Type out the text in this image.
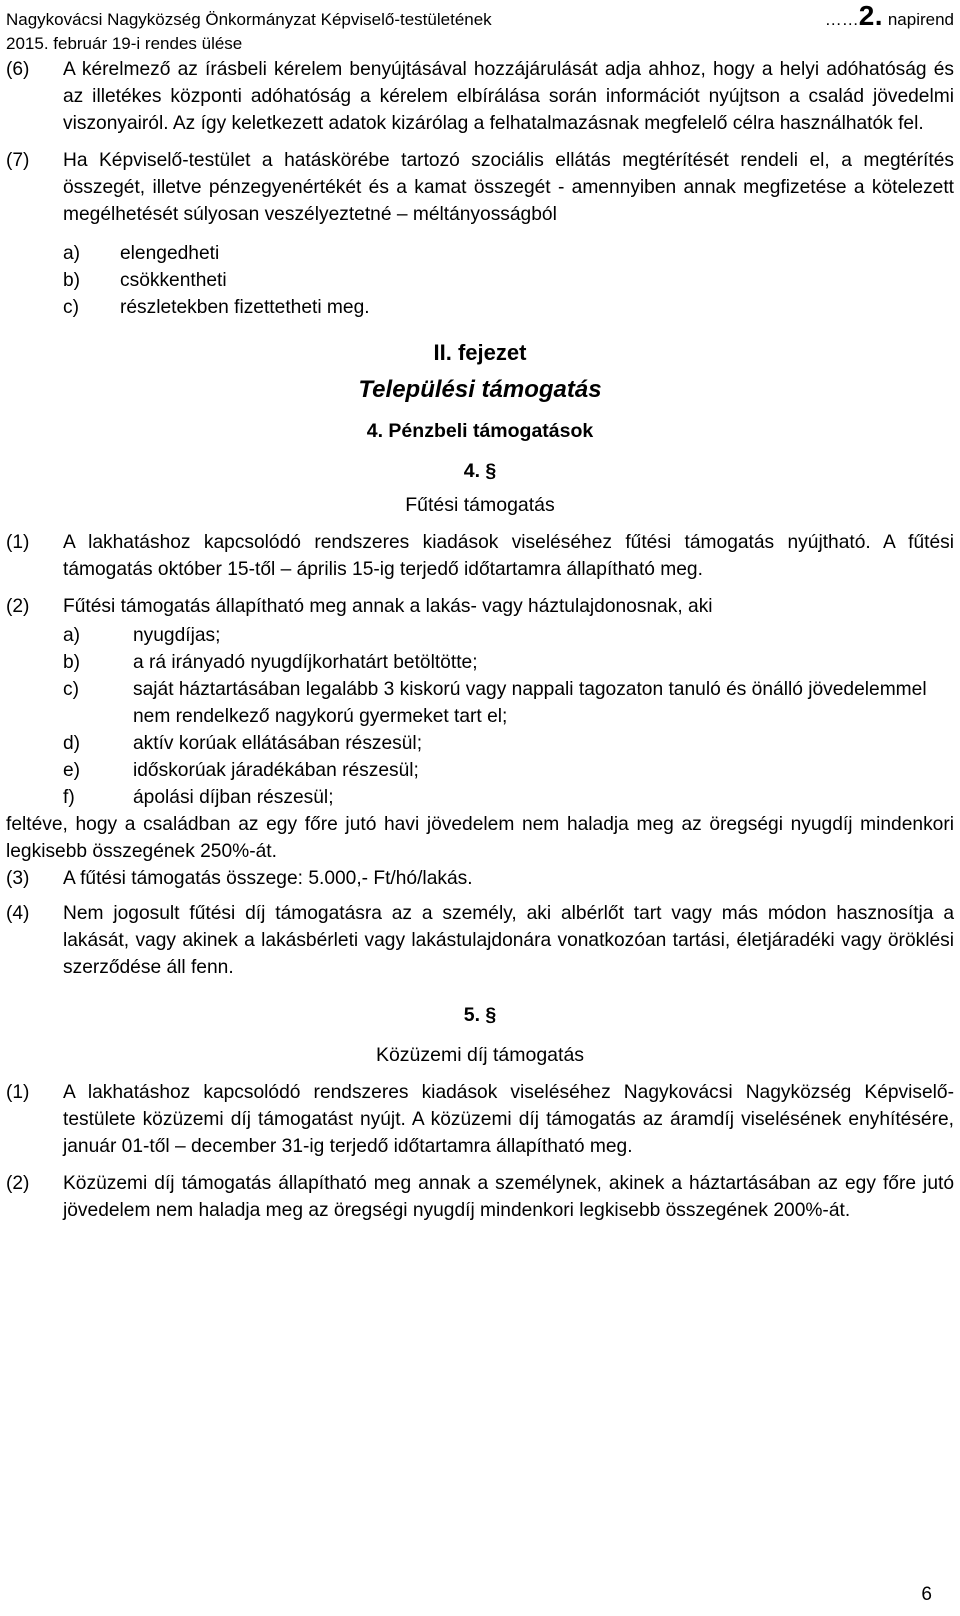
Nagykovácsi Nagyközség Önkormányzat Képviselő-testületének	……2. napirend
2015. február 19-i rendes ülése
(6) A kérelmező az írásbeli kérelem benyújtásával hozzájárulását adja ahhoz, hogy a helyi adóhatóság és az illetékes központi adóhatóság a kérelem elbírálása során információt nyújtson a család jövedelmi viszonyairól. Az így keletkezett adatok kizárólag a felhatalmazásnak megfelelő célra használhatók fel.
(7) Ha Képviselő-testület a hatáskörébe tartozó szociális ellátás megtérítését rendeli el, a megtérítés összegét, illetve pénzegyenértékét és a kamat összegét - amennyiben annak megfizetése a kötelezett megélhetését súlyosan veszélyeztetné – méltányosságból
a) elengedheti
b) csökkentheti
c) részletekben fizettetheti meg.
II. fejezet
Települési támogatás
4. Pénzbeli támogatások
4. §
Fűtési támogatás
(1) A lakhatáshoz kapcsolódó rendszeres kiadások viseléséhez fűtési támogatás nyújtható. A fűtési támogatás október 15-től – április 15-ig terjedő időtartamra állapítható meg.
(2) Fűtési támogatás állapítható meg annak a lakás- vagy háztulajdonosnak, aki
a)	nyugdíjas;
b)	a rá irányadó nyugdíjkorhatárt betöltötte;
c)	saját háztartásában legalább 3 kiskorú vagy nappali tagozaton tanuló és önálló jövedelemmel nem rendelkező nagykorú gyermeket tart el;
d)	aktív korúak ellátásában részesül;
e)	időskorúak járadékában részesül;
f)	ápolási díjban részesül;

feltéve, hogy a családban az egy főre jutó havi jövedelem nem haladja meg az öregségi nyugdíj mindenkori legkisebb összegének 250%-át.

(3) A fűtési támogatás összege: 5.000,- Ft/hó/lakás.
(4) Nem jogosult fűtési díj támogatásra az a személy, aki albérlőt tart vagy más módon hasznosítja a lakását, vagy akinek a lakásbérleti vagy lakástulajdonára vonatkozóan tartási, életjáradéki vagy öröklési szerződése áll fenn.
5. §
Közüzemi díj támogatás
(1) A lakhatáshoz kapcsolódó rendszeres kiadások viseléséhez Nagykovácsi Nagyközség Képviselő-testülete közüzemi díj támogatást nyújt. A közüzemi díj támogatás az áramdíj viselésének enyhítésére, január 01-től – december 31-ig terjedő időtartamra állapítható meg.
(2) Közüzemi díj támogatás állapítható meg annak a személynek, akinek a háztartásában az egy főre jutó jövedelem nem haladja meg az öregségi nyugdíj mindenkori legkisebb összegének 200%-át.
6
